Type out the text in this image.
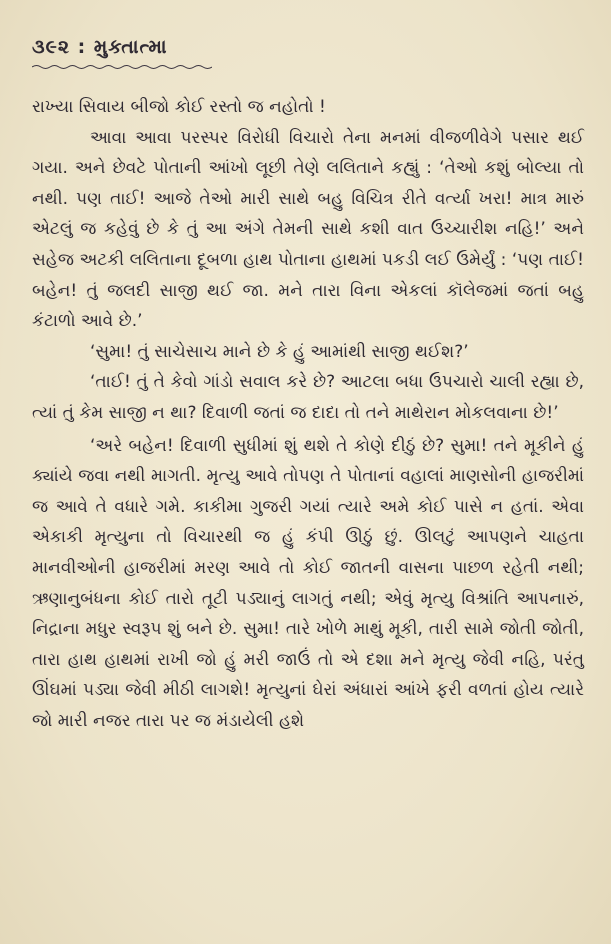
૩૯૨ : મુક્તાત્મા

રાખ્યા સિવાય બીજો કોઈ રસ્તો જ નહોતો !

આવા આવા પરસ્પર વિરોધી વિચારો તેના મનમાં વીજળીવેગે પસાર થઈ ગયા. અને છેવટે પોતાની આંખો લૂછી તેણે લલિતાને કહ્યું : ‘તેઓ કશું બોલ્યા તો નથી. પણ તાઈ! આજે તેઓ મારી સાથે બહુ વિચિત્ર રીતે વર્ત્યા ખરા! માત્ર મારું એટલું જ કહેવું છે કે તું આ અંગે તેમની સાથે કશી વાત ઉચ્ચારીશ નહિ!’ અને સહેજ અટકી લલિતાના દૂબળા હાથ પોતાના હાથમાં પકડી લઈ ઉમેર્યું : ‘પણ તાઈ! બહેન! તું જલદી સાજી થઈ જા. મને તારા વિના એકલાં કૉલેજમાં જતાં બહુ કંટાળો આવે છે.’

‘સુમા! તું સાચેસાચ માને છે કે હું આમાંથી સાજી થઈશ?’

‘તાઈ! તું તે કેવો ગાંડો સવાલ કરે છે? આટલા બધા ઉપચારો ચાલી રહ્યા છે, ત્યાં તું કેમ સાજી ન થા? દિવાળી જતાં જ દાદા તો તને માથેરાન મોકલવાના છે!’

‘અરે બહેન! દિવાળી સુધીમાં શું થશે તે કોણે દીઠું છે? સુમા! તને મૂકીને હું ક્યાંયે જવા નથી માગતી. મૃત્યુ આવે તોપણ તે પોતાનાં વહાલાં માણસોની હાજરીમાં જ આવે તે વધારે ગમે. કાકીમા ગુજરી ગયાં ત્યારે અમે કોઈ પાસે ન હતાં. એવા એકાકી મૃત્યુના તો વિચારથી જ હું કંપી ઊઠું છું. ઊલટું આપણને ચાહતા માનવીઓની હાજરીમાં મરણ આવે તો કોઈ જાતની વાસના પાછળ રહેતી નથી; ઋણાનુબંધના કોઈ તારો તૂટી પડ્યાનું લાગતું નથી; એવું મૃત્યુ વિશ્રાંતિ આપનારું, નિદ્રાના મધુર સ્વરૂપ શું બને છે. સુમા! તારે ખોળે માથું મૂકી, તારી સામે જોતી જોતી, તારા હાથ હાથમાં રાખી જો હું મરી જાઉં તો એ દશા મને મૃત્યુ જેવી નહિ, પરંતુ ઊંઘમાં પડ્યા જેવી મીઠી લાગશે! મૃત્યુનાં ઘેરાં અંધારાં આંખે ફરી વળતાં હોય ત્યારે જો મારી નજર તારા પર જ મંડાયેલી હશે
